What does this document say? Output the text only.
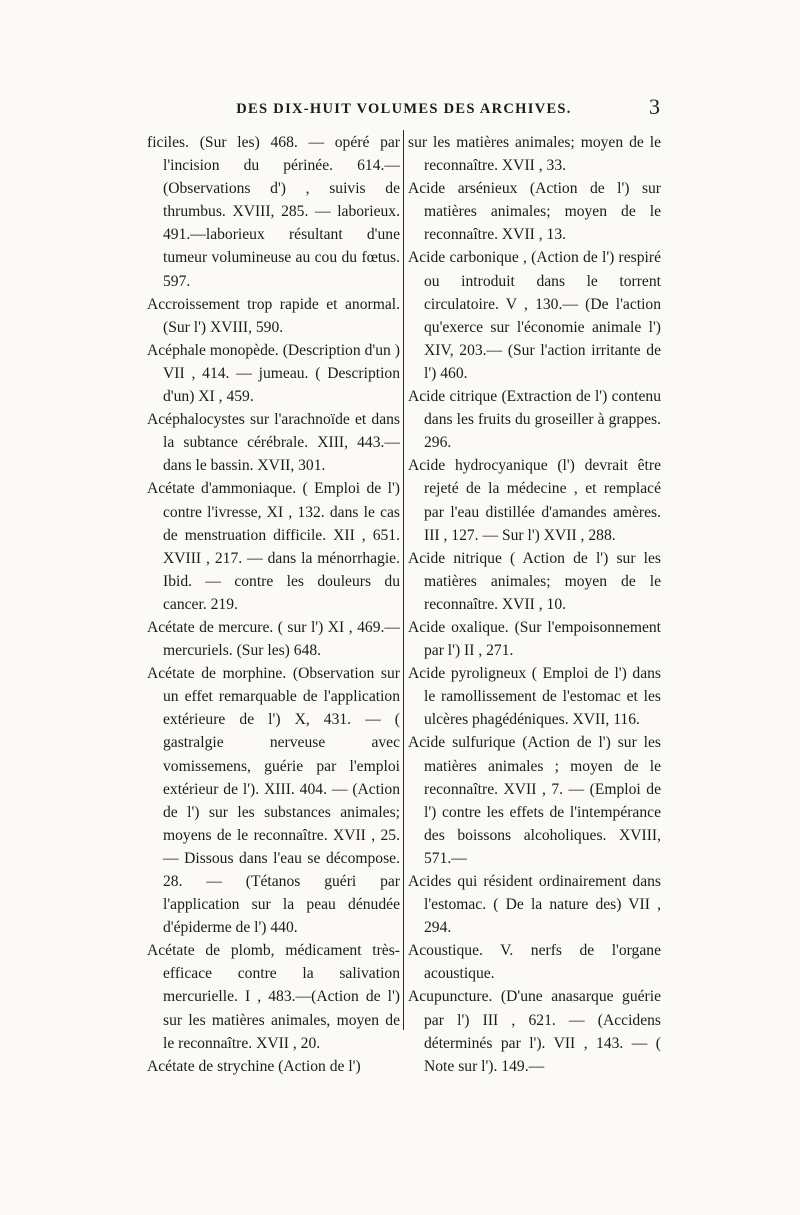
DES DIX-HUIT VOLUMES DES ARCHIVES.	3

ficiles. (Sur les) 468. — opéré par l'incision du périnée. 614.— (Observations d') , suivis de thrumbus. XVIII, 285. — laborieux. 491.—laborieux résultant d'une tumeur volumineuse au cou du fœtus. 597.

Accroissement trop rapide et anormal. (Sur l') XVIII, 590.

Acéphale monopède. (Description d'un ) VII , 414. — jumeau. ( Description d'un) XI , 459.

Acéphalocystes sur l'arachnoïde et dans la subtance cérébrale. XIII, 443.— dans le bassin. XVII, 301.

Acétate d'ammoniaque. ( Emploi de l') contre l'ivresse, XI , 132. dans le cas de menstruation difficile. XII , 651. XVIII , 217. — dans la ménorrhagie. Ibid. — contre les douleurs du cancer. 219.

Acétate de mercure. ( sur l') XI , 469.—mercuriels. (Sur les) 648.

Acétate de morphine. (Observation sur un effet remarquable de l'application extérieure de l') X, 431. — ( gastralgie nerveuse avec vomissemens, guérie par l'emploi extérieur de l'). XIII. 404. — (Action de l') sur les substances animales; moyens de le reconnaître. XVII , 25. — Dissous dans l'eau se décompose. 28. — (Tétanos guéri par l'application sur la peau dénudée d'épiderme de l') 440.

Acétate de plomb, médicament très-efficace contre la salivation mercurielle. I , 483.—(Action de l') sur les matières animales, moyen de le reconnaître. XVII , 20.

Acétate de strychine (Action de l')

sur les matières animales; moyen de le reconnaître. XVII , 33.

Acide arsénieux (Action de l') sur matières animales; moyen de le reconnaître. XVII , 13.

Acide carbonique , (Action de l') respiré ou introduit dans le torrent circulatoire. V , 130.— (De l'action qu'exerce sur l'économie animale l') XIV, 203.— (Sur l'action irritante de l') 460.

Acide citrique (Extraction de l') contenu dans les fruits du groseiller à grappes. 296.

Acide hydrocyanique (l') devrait être rejeté de la médecine , et remplacé par l'eau distillée d'amandes amères. III , 127. — Sur l') XVII , 288.

Acide nitrique ( Action de l') sur les matières animales; moyen de le reconnaître. XVII , 10.

Acide oxalique. (Sur l'empoisonnement par l') II , 271.

Acide pyroligneux ( Emploi de l') dans le ramollissement de l'estomac et les ulcères phagédéniques. XVII, 116.

Acide sulfurique (Action de l') sur les matières animales ; moyen de le reconnaître. XVII , 7. — (Emploi de l') contre les effets de l'intempérance des boissons alcoholiques. XVIII, 571.—

Acides qui résident ordinairement dans l'estomac. ( De la nature des) VII , 294.

Acoustique. V. nerfs de l'organe acoustique.

Acupuncture. (D'une anasarque guérie par l') III , 621. — (Accidens déterminés par l'). VII , 143. — ( Note sur l'). 149.—
